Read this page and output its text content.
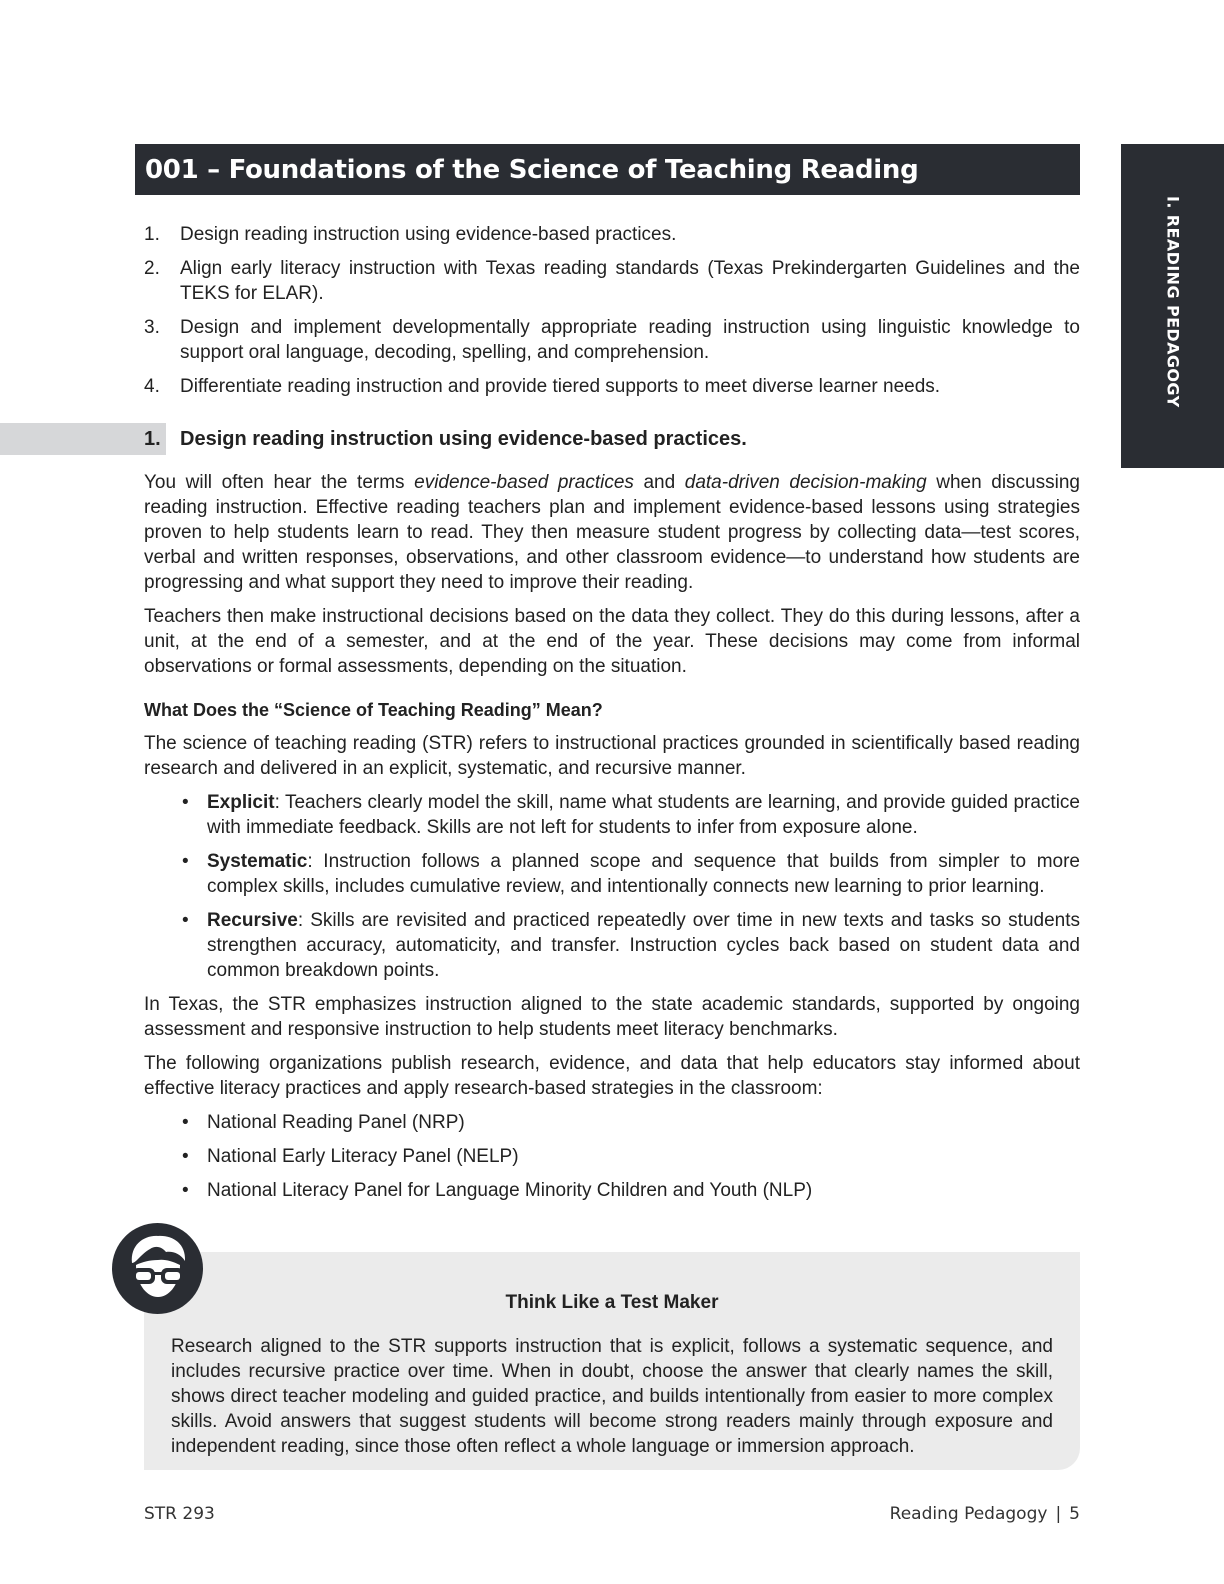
001 – Foundations of the Science of Teaching Reading
I. READING PEDAGOGY
1. Design reading instruction using evidence-based practices.
2. Align early literacy instruction with Texas reading standards (Texas Prekindergarten Guidelines and the TEKS for ELAR).
3. Design and implement developmentally appropriate reading instruction using linguistic knowledge to support oral language, decoding, spelling, and comprehension.
4. Differentiate reading instruction and provide tiered supports to meet diverse learner needs.
1. Design reading instruction using evidence-based practices.

You will often hear the terms evidence-based practices and data-driven decision-making when discussing reading instruction. Effective reading teachers plan and implement evidence-based lessons using strategies proven to help students learn to read. They then measure student progress by collecting data—test scores, verbal and written responses, observations, and other classroom evidence—to understand how students are progressing and what support they need to improve their reading.

Teachers then make instructional decisions based on the data they collect. They do this during lessons, after a unit, at the end of a semester, and at the end of the year. These decisions may come from informal observations or formal assessments, depending on the situation.

What Does the “Science of Teaching Reading” Mean?

The science of teaching reading (STR) refers to instructional practices grounded in scientifically based reading research and delivered in an explicit, systematic, and recursive manner.

• Explicit: Teachers clearly model the skill, name what students are learning, and provide guided practice with immediate feedback. Skills are not left for students to infer from exposure alone.
• Systematic: Instruction follows a planned scope and sequence that builds from simpler to more complex skills, includes cumulative review, and intentionally connects new learning to prior learning.
• Recursive: Skills are revisited and practiced repeatedly over time in new texts and tasks so students strengthen accuracy, automaticity, and transfer. Instruction cycles back based on student data and common breakdown points.

In Texas, the STR emphasizes instruction aligned to the state academic standards, supported by ongoing assessment and responsive instruction to help students meet literacy benchmarks.

The following organizations publish research, evidence, and data that help educators stay informed about effective literacy practices and apply research-based strategies in the classroom:

• National Reading Panel (NRP)
• National Early Literacy Panel (NELP)
• National Literacy Panel for Language Minority Children and Youth (NLP)
Think Like a Test Maker
Research aligned to the STR supports instruction that is explicit, follows a systematic sequence, and includes recursive practice over time. When in doubt, choose the answer that clearly names the skill, shows direct teacher modeling and guided practice, and builds intentionally from easier to more complex skills. Avoid answers that suggest students will become strong readers mainly through exposure and independent reading, since those often reflect a whole language or immersion approach.
STR 293	Reading Pedagogy | 5
